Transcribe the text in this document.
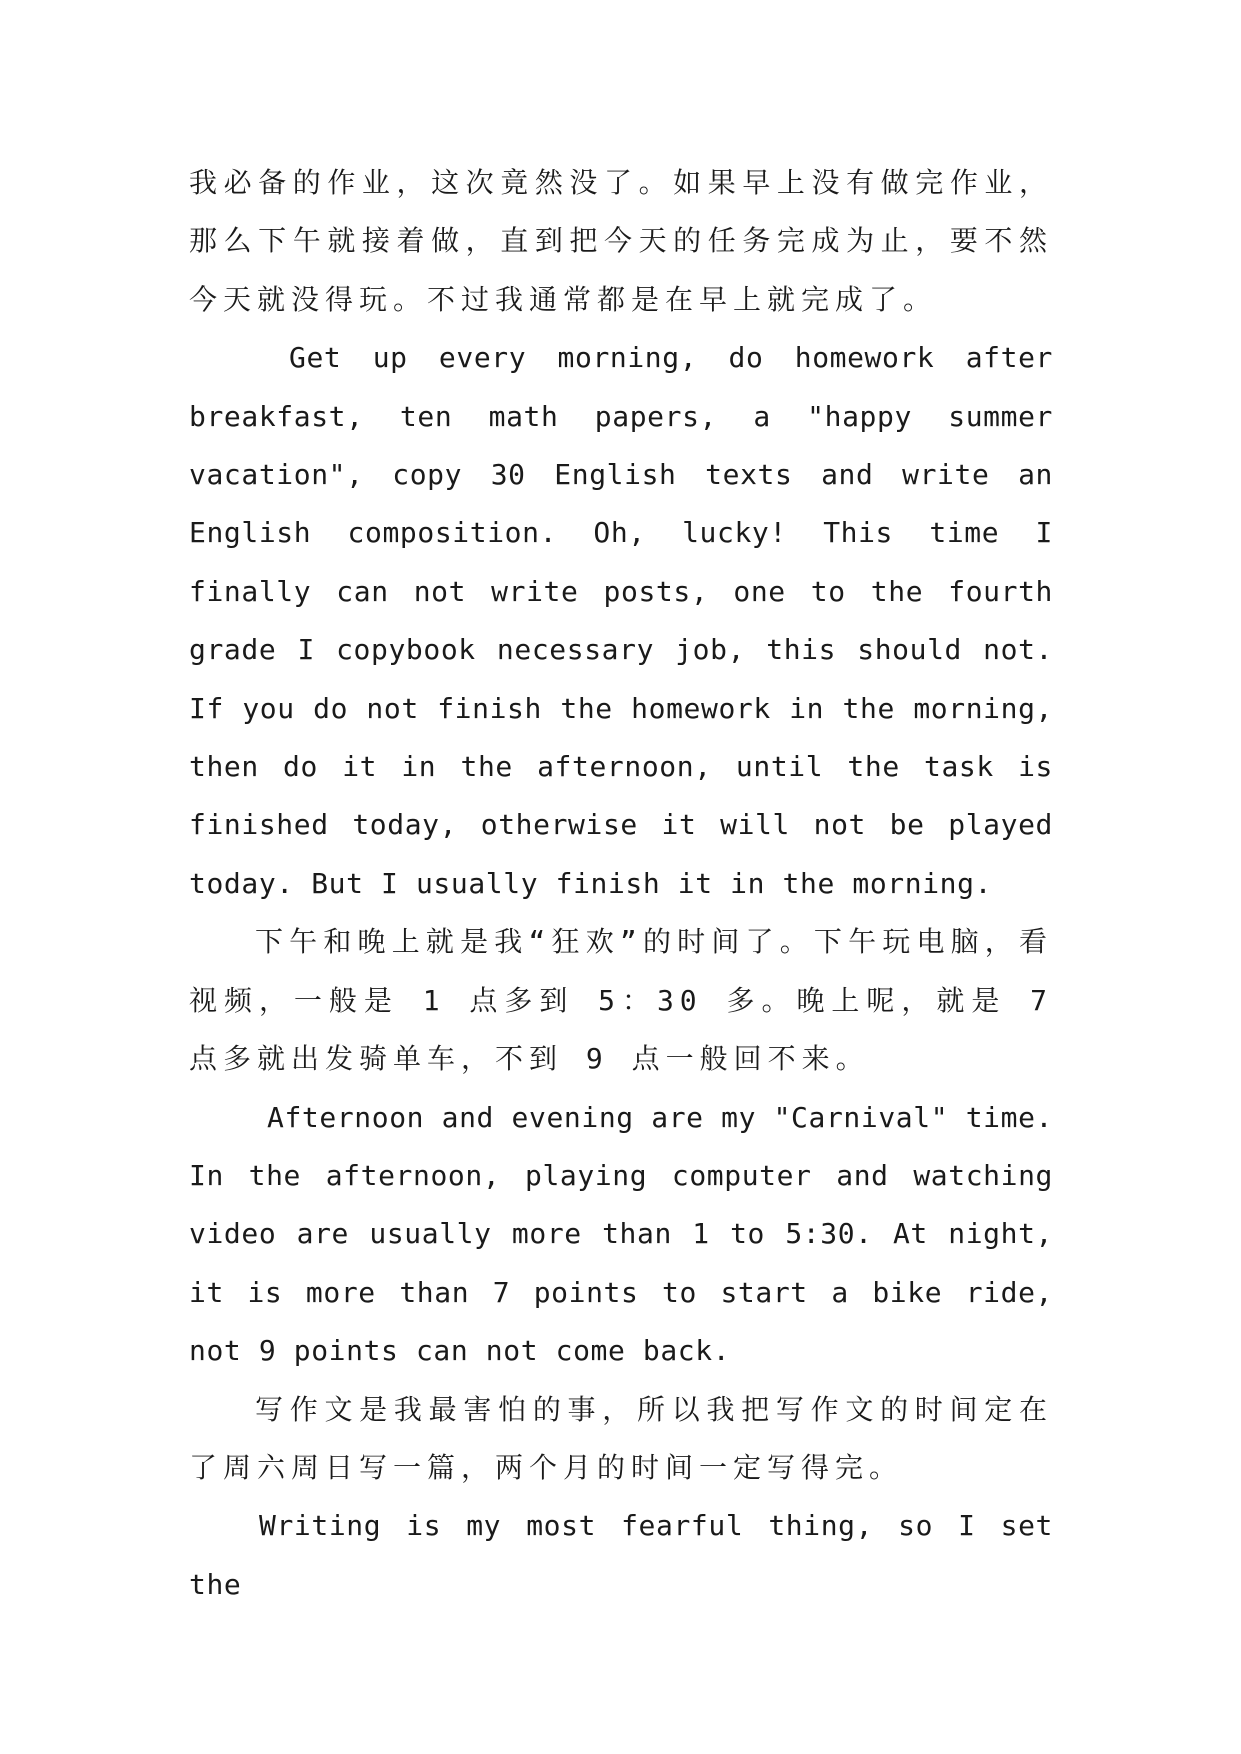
我必备的作业，这次竟然没了。如果早上没有做完作业，那么下午就接着做，直到把今天的任务完成为止，要不然今天就没得玩。不过我通常都是在早上就完成了。

Get up every morning, do homework after breakfast, ten math papers, a "happy summer vacation", copy 30 English texts and write an English composition. Oh, lucky! This time I finally can not write posts, one to the fourth grade I copybook necessary job, this should not. If you do not finish the homework in the morning, then do it in the afternoon, until the task is finished today, otherwise it will not be played today. But I usually finish it in the morning.

下午和晚上就是我“狂欢”的时间了。下午玩电脑，看视频，一般是 1 点多到 5：30 多。晚上呢，就是 7 点多就出发骑单车，不到 9 点一般回不来。

Afternoon and evening are my "Carnival" time. In the afternoon, playing computer and watching video are usually more than 1 to 5:30. At night, it is more than 7 points to start a bike ride, not 9 points can not come back.

写作文是我最害怕的事，所以我把写作文的时间定在了周六周日写一篇，两个月的时间一定写得完。

Writing is my most fearful thing, so I set the
